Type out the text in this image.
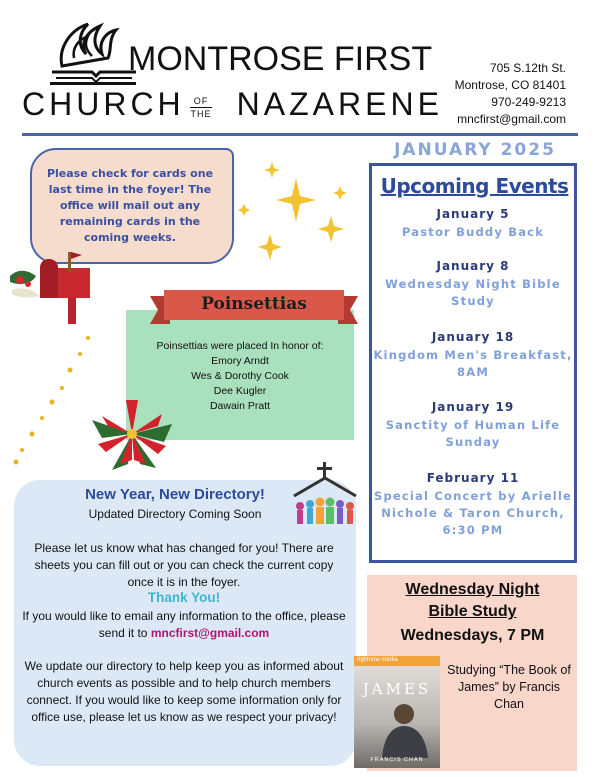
MONTROSE FIRST
CHURCH NAZARENE
OF
THE
705 S.12th St.
Montrose, CO 81401
970-249-9213
mncfirst@gmail.com
JANUARY 2025
Please check for cards one last time in the foyer! The office will mail out any remaining cards in the coming weeks.
Poinsettias
Poinsettias were placed In honor of:
Emory Arndt
Wes & Dorothy Cook
Dee Kugler
Dawain Pratt
Upcoming Events
January 5
Pastor Buddy Back
January 8
Wednesday Night Bible Study
January 18
Kingdom Men's Breakfast, 8AM
January 19
Sanctity of Human Life Sunday
February 11
Special Concert by Arielle Nichole & Taron Church, 6:30 PM
New Year, New Directory!
Updated Directory Coming Soon
Please let us know what has changed for you! There are sheets you can fill out or you can check the current copy once it is in the foyer.
Thank You!
If you would like to email any information to the office, please send it to mncfirst@gmail.com
We update our directory to help keep you as informed about church events as possible and to help church members connect. If you would like to keep some information only for office use, please let us know as we respect your privacy!
Wednesday Night
Bible Study
Wednesdays, 7 PM
rightnow media
JAMES
FRANCIS CHAN
Studying “The Book of James” by Francis Chan
